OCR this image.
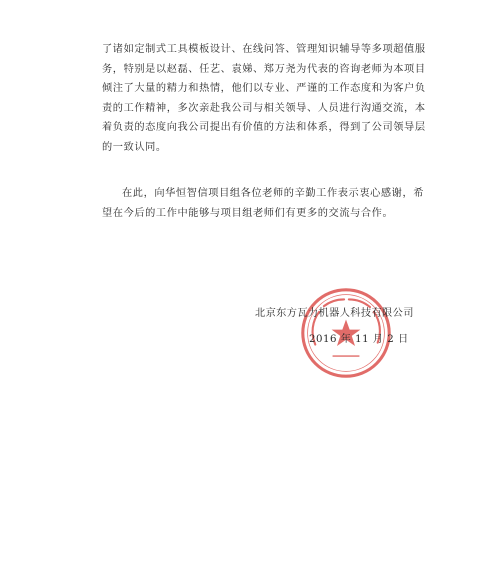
了诸如定制式工具模板设计、在线问答、管理知识辅导等多项超值服
务，特别是以赵磊、任艺、袁娣、郑万尧为代表的咨询老师为本项目
倾注了大量的精力和热情，他们以专业、严谨的工作态度和为客户负
责的工作精神，多次亲赴我公司与相关领导、人员进行沟通交流，本
着负责的态度向我公司提出有价值的方法和体系，得到了公司领导层
的一致认同。
在此，向华恒智信项目组各位老师的辛勤工作表示衷心感谢，希
望在今后的工作中能够与项目组老师们有更多的交流与合作。
北京东方瓦力机器人科技有限公司
2016 年 11 月 2 日
